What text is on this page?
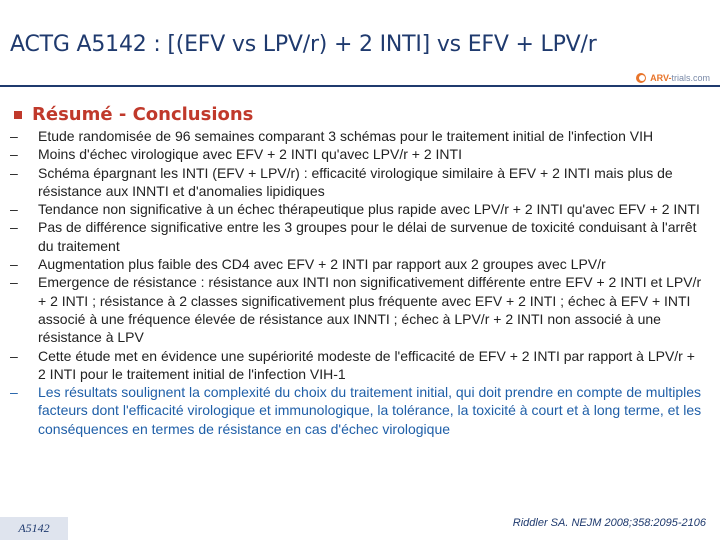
ACTG A5142 : [(EFV vs LPV/r) + 2 INTI] vs EFV + LPV/r
ARV-trials.com
Résumé - Conclusions
–	Etude randomisée de 96 semaines comparant 3 schémas pour le traitement initial de l'infection VIH
–	Moins d'échec virologique avec EFV + 2 INTI qu'avec LPV/r + 2 INTI
–	Schéma épargnant les INTI (EFV + LPV/r) : efficacité virologique similaire à EFV + 2 INTI mais plus de résistance aux INNTI et d'anomalies lipidiques
–	Tendance non significative à un échec thérapeutique plus rapide avec LPV/r + 2 INTI qu'avec EFV + 2 INTI
–	Pas de différence significative entre les 3 groupes pour le délai de survenue de toxicité conduisant à l'arrêt du traitement
–	Augmentation plus faible des CD4 avec EFV + 2 INTI par rapport aux 2 groupes avec LPV/r
–	Emergence de résistance : résistance aux INTI non significativement différente entre EFV + 2 INTI et LPV/r + 2 INTI ; résistance à 2 classes significativement plus fréquente avec EFV + 2 INTI ; échec à EFV + INTI associé à une fréquence élevée de résistance aux INNTI ; échec à LPV/r + 2 INTI non associé à une résistance à LPV
–	Cette étude met en évidence une supériorité modeste de l'efficacité de EFV + 2 INTI par rapport à LPV/r + 2 INTI pour le traitement initial de l'infection VIH-1
–	Les résultats soulignent la complexité du choix du traitement initial, qui doit prendre en compte de multiples facteurs dont l'efficacité virologique et immunologique, la tolérance, la toxicité à court et à long terme, et les conséquences en termes de résistance en cas d'échec virologique
A5142	Riddler SA. NEJM 2008;358:2095-2106
